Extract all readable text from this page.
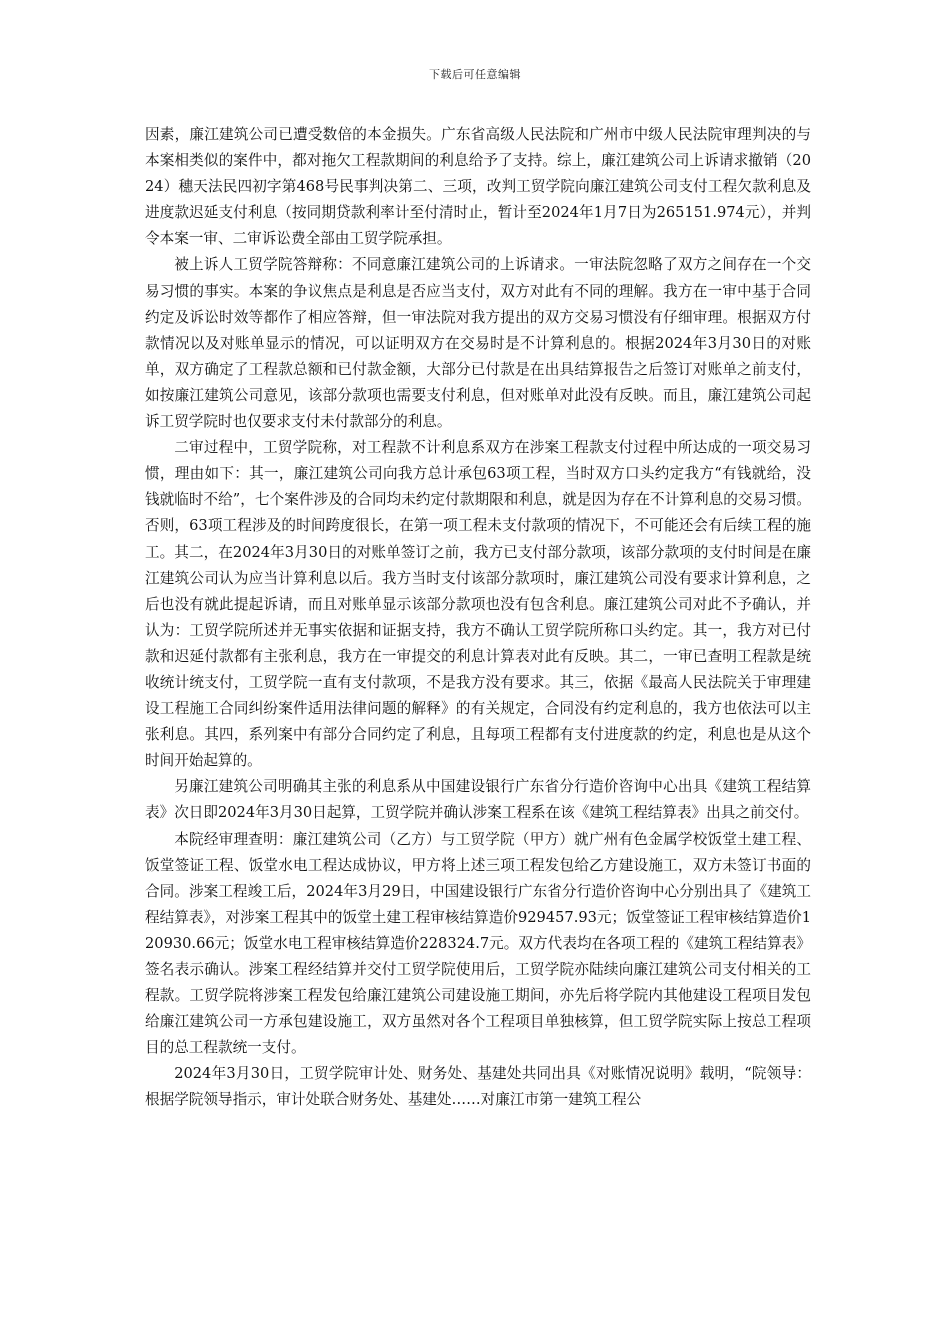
下载后可任意编辑

因素，廉江建筑公司已遭受数倍的本金损失。广东省高级人民法院和广州市中级人民法院审理判决的与本案相类似的案件中，都对拖欠工程款期间的利息给予了支持。综上，廉江建筑公司上诉请求撤销（2024）穗天法民四初字第468号民事判决第二、三项，改判工贸学院向廉江建筑公司支付工程欠款利息及进度款迟延支付利息（按同期贷款利率计至付清时止，暂计至2024年1月7日为265151.974元），并判令本案一审、二审诉讼费全部由工贸学院承担。

被上诉人工贸学院答辩称：不同意廉江建筑公司的上诉请求。一审法院忽略了双方之间存在一个交易习惯的事实。本案的争议焦点是利息是否应当支付，双方对此有不同的理解。我方在一审中基于合同约定及诉讼时效等都作了相应答辩，但一审法院对我方提出的双方交易习惯没有仔细审理。根据双方付款情况以及对账单显示的情况，可以证明双方在交易时是不计算利息的。根据2024年3月30日的对账单，双方确定了工程款总额和已付款金额，大部分已付款是在出具结算报告之后签订对账单之前支付，如按廉江建筑公司意见，该部分款项也需要支付利息，但对账单对此没有反映。而且，廉江建筑公司起诉工贸学院时也仅要求支付未付款部分的利息。

二审过程中，工贸学院称，对工程款不计利息系双方在涉案工程款支付过程中所达成的一项交易习惯，理由如下：其一，廉江建筑公司向我方总计承包63项工程，当时双方口头约定我方“有钱就给，没钱就临时不给”，七个案件涉及的合同均未约定付款期限和利息，就是因为存在不计算利息的交易习惯。否则，63项工程涉及的时间跨度很长，在第一项工程未支付款项的情况下，不可能还会有后续工程的施工。其二，在2024年3月30日的对账单签订之前，我方已支付部分款项，该部分款项的支付时间是在廉江建筑公司认为应当计算利息以后。我方当时支付该部分款项时，廉江建筑公司没有要求计算利息，之后也没有就此提起诉请，而且对账单显示该部分款项也没有包含利息。廉江建筑公司对此不予确认，并认为：工贸学院所述并无事实依据和证据支持，我方不确认工贸学院所称口头约定。其一，我方对已付款和迟延付款都有主张利息，我方在一审提交的利息计算表对此有反映。其二，一审已查明工程款是统收统计统支付，工贸学院一直有支付款项，不是我方没有要求。其三，依据《最高人民法院关于审理建设工程施工合同纠纷案件适用法律问题的解释》的有关规定，合同没有约定利息的，我方也依法可以主张利息。其四，系列案中有部分合同约定了利息，且每项工程都有支付进度款的约定，利息也是从这个时间开始起算的。

另廉江建筑公司明确其主张的利息系从中国建设银行广东省分行造价咨询中心出具《建筑工程结算表》次日即2024年3月30日起算，工贸学院并确认涉案工程系在该《建筑工程结算表》出具之前交付。

本院经审理查明：廉江建筑公司（乙方）与工贸学院（甲方）就广州有色金属学校饭堂土建工程、饭堂签证工程、饭堂水电工程达成协议，甲方将上述三项工程发包给乙方建设施工，双方未签订书面的合同。涉案工程竣工后，2024年3月29日，中国建设银行广东省分行造价咨询中心分别出具了《建筑工程结算表》，对涉案工程其中的饭堂土建工程审核结算造价929457.93元；饭堂签证工程审核结算造价120930.66元；饭堂水电工程审核结算造价228324.7元。双方代表均在各项工程的《建筑工程结算表》签名表示确认。涉案工程经结算并交付工贸学院使用后，工贸学院亦陆续向廉江建筑公司支付相关的工程款。工贸学院将涉案工程发包给廉江建筑公司建设施工期间，亦先后将学院内其他建设工程项目发包给廉江建筑公司一方承包建设施工，双方虽然对各个工程项目单独核算，但工贸学院实际上按总工程项目的总工程款统一支付。

2024年3月30日，工贸学院审计处、财务处、基建处共同出具《对账情况说明》载明，“院领导：根据学院领导指示，审计处联合财务处、基建处……对廉江市第一建筑工程公
